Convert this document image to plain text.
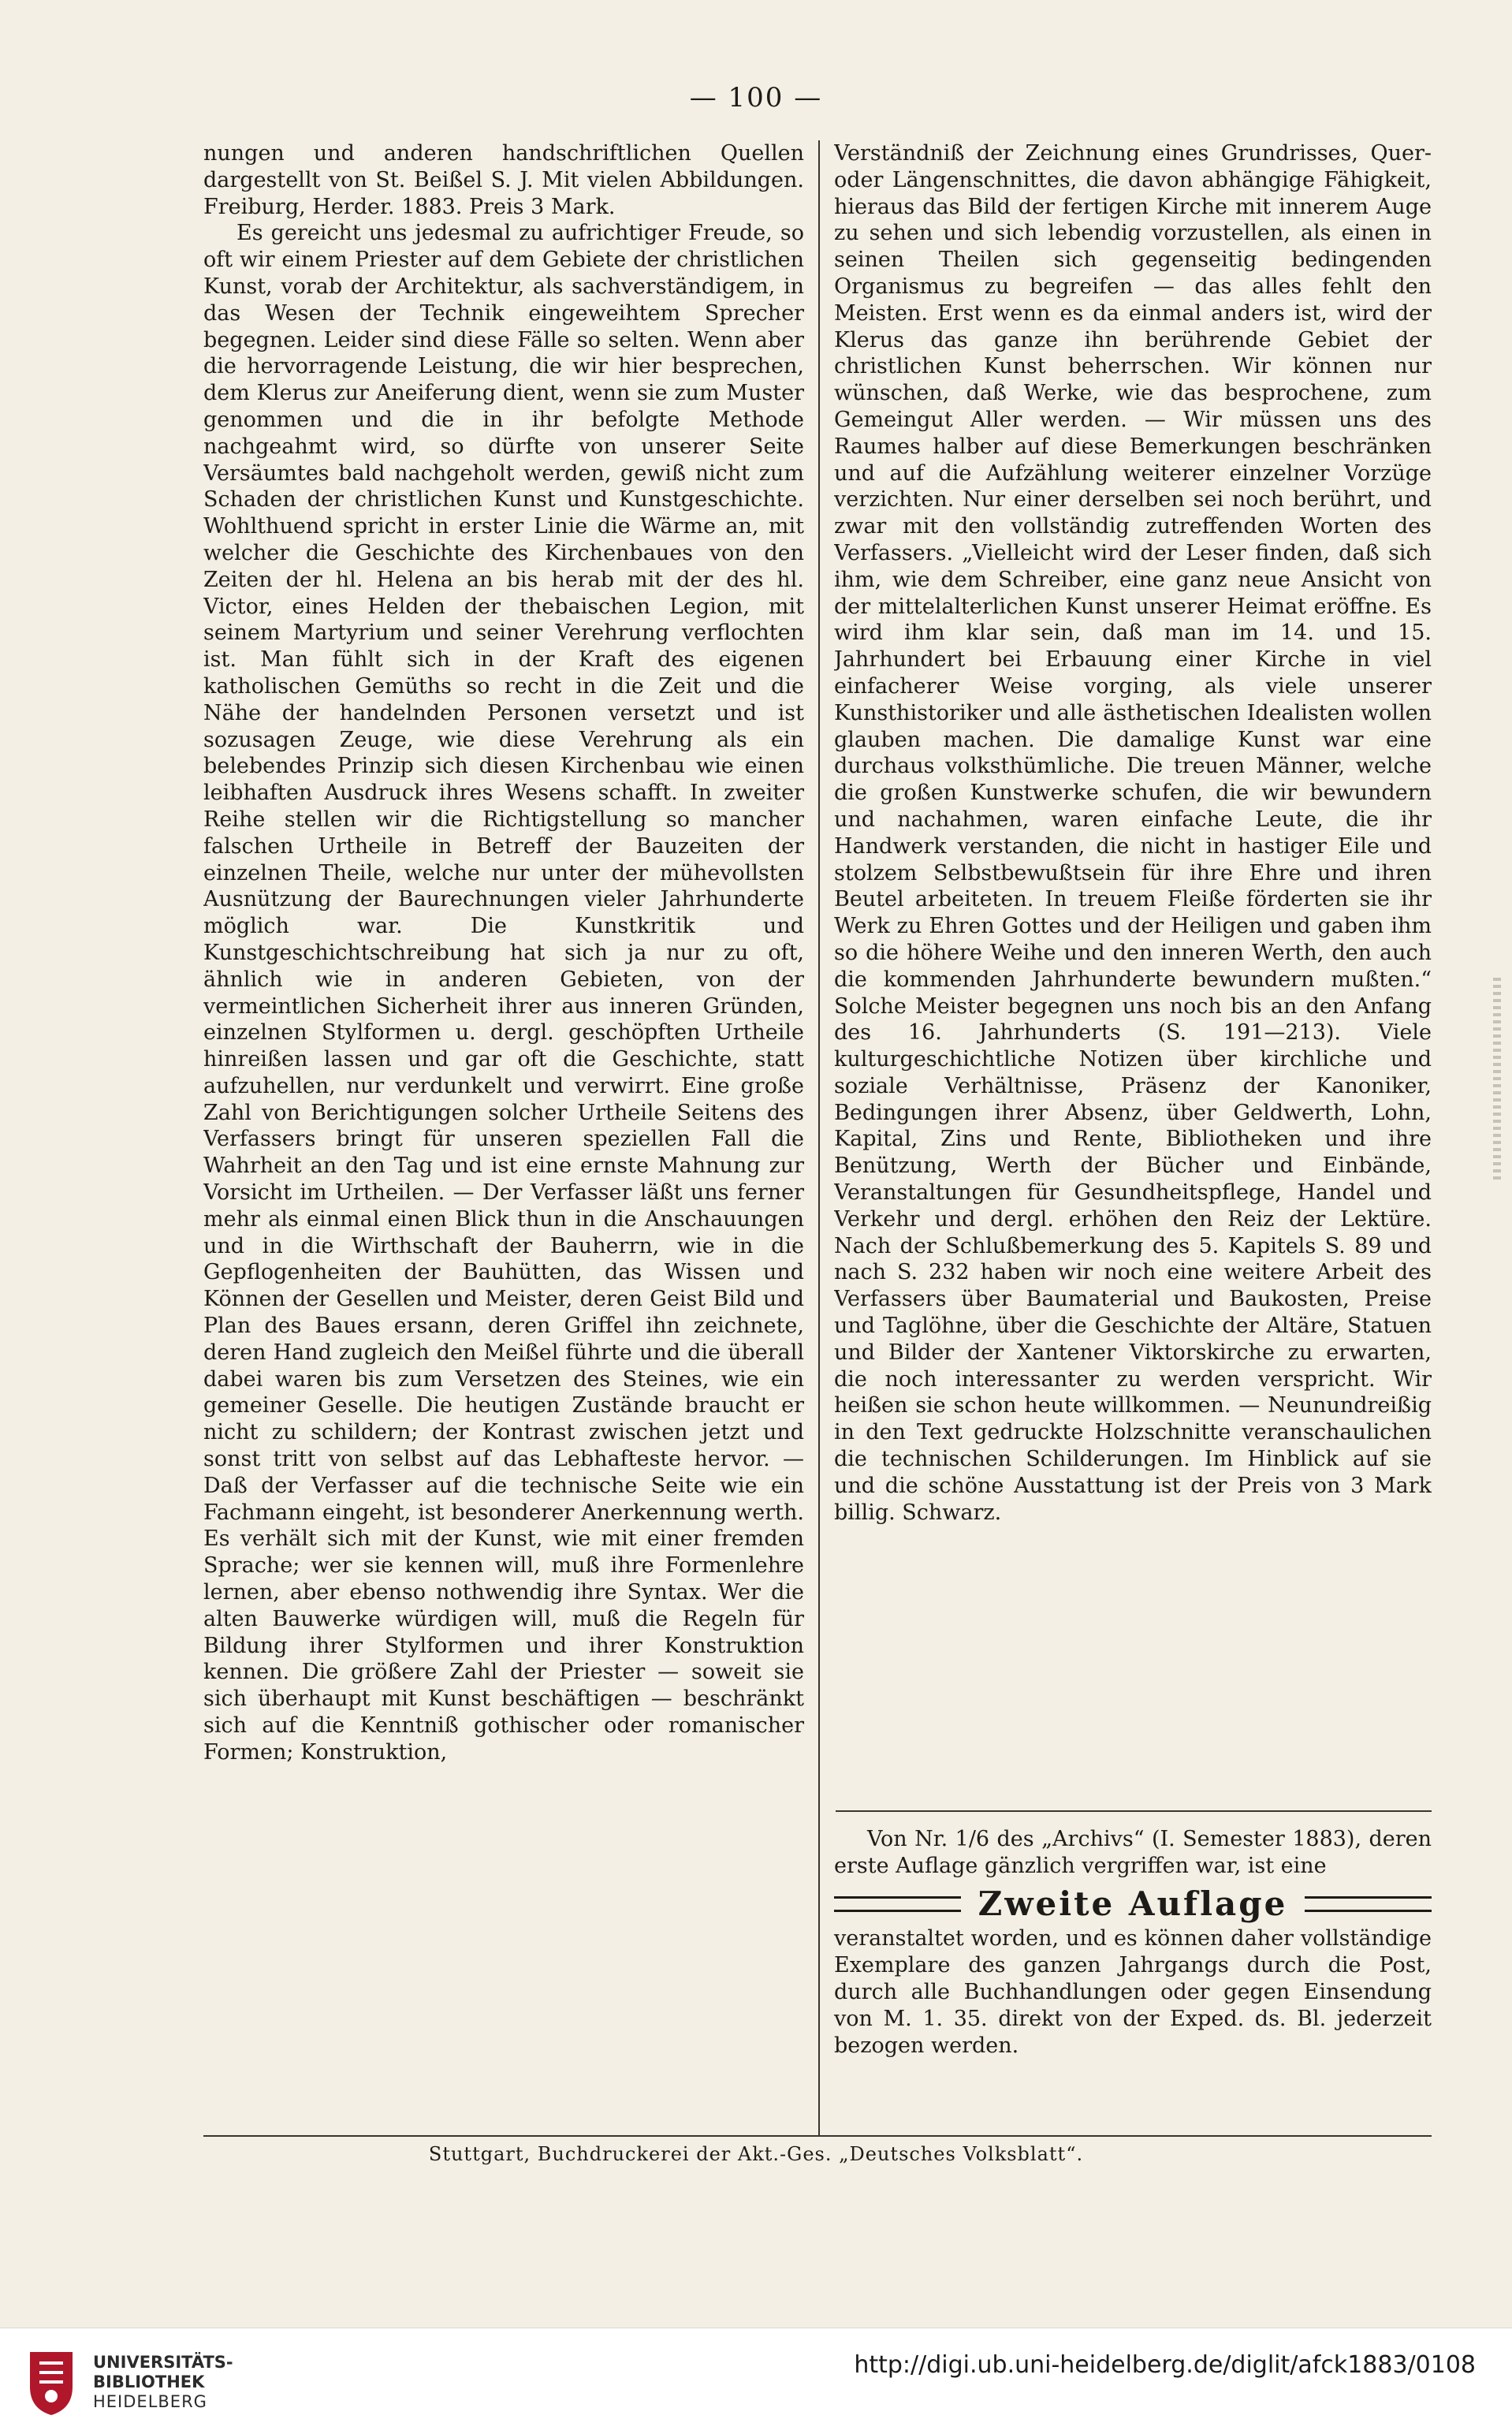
— 100 —

nungen und anderen handschriftlichen Quellen dargestellt von St. Beißel S. J. Mit vielen Abbildungen. Freiburg, Herder. 1883. Preis 3 Mark.

Es gereicht uns jedesmal zu aufrichtiger Freude, so oft wir einem Priester auf dem Gebiete der christlichen Kunst, vorab der Architektur, als sachverständigem, in das Wesen der Technik eingeweihtem Sprecher begegnen. Leider sind diese Fälle so selten. Wenn aber die hervorragende Leistung, die wir hier besprechen, dem Klerus zur Aneiferung dient, wenn sie zum Muster genommen und die in ihr befolgte Methode nachgeahmt wird, so dürfte von unserer Seite Versäumtes bald nachgeholt werden, gewiß nicht zum Schaden der christlichen Kunst und Kunstgeschichte. Wohlthuend spricht in erster Linie die Wärme an, mit welcher die Geschichte des Kirchenbaues von den Zeiten der hl. Helena an bis herab mit der des hl. Victor, eines Helden der thebaischen Legion, mit seinem Martyrium und seiner Verehrung verflochten ist. Man fühlt sich in der Kraft des eigenen katholischen Gemüths so recht in die Zeit und die Nähe der handelnden Personen versetzt und ist sozusagen Zeuge, wie diese Verehrung als ein belebendes Prinzip sich diesen Kirchenbau wie einen leibhaften Ausdruck ihres Wesens schafft. In zweiter Reihe stellen wir die Richtigstellung so mancher falschen Urtheile in Betreff der Bauzeiten der einzelnen Theile, welche nur unter der mühevollsten Ausnützung der Baurechnungen vieler Jahrhunderte möglich war. Die Kunstkritik und Kunstgeschichtschreibung hat sich ja nur zu oft, ähnlich wie in anderen Gebieten, von der vermeintlichen Sicherheit ihrer aus inneren Gründen, einzelnen Stylformen u. dergl. geschöpften Urtheile hinreißen lassen und gar oft die Geschichte, statt aufzuhellen, nur verdunkelt und verwirrt. Eine große Zahl von Berichtigungen solcher Urtheile Seitens des Verfassers bringt für unseren speziellen Fall die Wahrheit an den Tag und ist eine ernste Mahnung zur Vorsicht im Urtheilen. — Der Verfasser läßt uns ferner mehr als einmal einen Blick thun in die Anschauungen und in die Wirthschaft der Bauherrn, wie in die Gepflogenheiten der Bauhütten, das Wissen und Können der Gesellen und Meister, deren Geist Bild und Plan des Baues ersann, deren Griffel ihn zeichnete, deren Hand zugleich den Meißel führte und die überall dabei waren bis zum Versetzen des Steines, wie ein gemeiner Geselle. Die heutigen Zustände braucht er nicht zu schildern; der Kontrast zwischen jetzt und sonst tritt von selbst auf das Lebhafteste hervor. — Daß der Verfasser auf die technische Seite wie ein Fachmann eingeht, ist besonderer Anerkennung werth. Es verhält sich mit der Kunst, wie mit einer fremden Sprache; wer sie kennen will, muß ihre Formenlehre lernen, aber ebenso nothwendig ihre Syntax. Wer die alten Bauwerke würdigen will, muß die Regeln für Bildung ihrer Stylformen und ihrer Konstruktion kennen. Die größere Zahl der Priester — soweit sie sich überhaupt mit Kunst beschäftigen — beschränkt sich auf die Kenntniß gothischer oder romanischer Formen; Konstruktion,

Verständniß der Zeichnung eines Grundrisses, Quer- oder Längenschnittes, die davon abhängige Fähigkeit, hieraus das Bild der fertigen Kirche mit innerem Auge zu sehen und sich lebendig vorzustellen, als einen in seinen Theilen sich gegenseitig bedingenden Organismus zu begreifen — das alles fehlt den Meisten. Erst wenn es da einmal anders ist, wird der Klerus das ganze ihn berührende Gebiet der christlichen Kunst beherrschen. Wir können nur wünschen, daß Werke, wie das besprochene, zum Gemeingut Aller werden. — Wir müssen uns des Raumes halber auf diese Bemerkungen beschränken und auf die Aufzählung weiterer einzelner Vorzüge verzichten. Nur einer derselben sei noch berührt, und zwar mit den vollständig zutreffenden Worten des Verfassers. „Vielleicht wird der Leser finden, daß sich ihm, wie dem Schreiber, eine ganz neue Ansicht von der mittelalterlichen Kunst unserer Heimat eröffne. Es wird ihm klar sein, daß man im 14. und 15. Jahrhundert bei Erbauung einer Kirche in viel einfacherer Weise vorging, als viele unserer Kunsthistoriker und alle ästhetischen Idealisten wollen glauben machen. Die damalige Kunst war eine durchaus volksthümliche. Die treuen Männer, welche die großen Kunstwerke schufen, die wir bewundern und nachahmen, waren einfache Leute, die ihr Handwerk verstanden, die nicht in hastiger Eile und stolzem Selbstbewußtsein für ihre Ehre und ihren Beutel arbeiteten. In treuem Fleiße förderten sie ihr Werk zu Ehren Gottes und der Heiligen und gaben ihm so die höhere Weihe und den inneren Werth, den auch die kommenden Jahrhunderte bewundern mußten.“ Solche Meister begegnen uns noch bis an den Anfang des 16. Jahrhunderts (S. 191—213). Viele kulturgeschichtliche Notizen über kirchliche und soziale Verhältnisse, Präsenz der Kanoniker, Bedingungen ihrer Absenz, über Geldwerth, Lohn, Kapital, Zins und Rente, Bibliotheken und ihre Benützung, Werth der Bücher und Einbände, Veranstaltungen für Gesundheitspflege, Handel und Verkehr und dergl. erhöhen den Reiz der Lektüre. Nach der Schlußbemerkung des 5. Kapitels S. 89 und nach S. 232 haben wir noch eine weitere Arbeit des Verfassers über Baumaterial und Baukosten, Preise und Taglöhne, über die Geschichte der Altäre, Statuen und Bilder der Xantener Viktorskirche zu erwarten, die noch interessanter zu werden verspricht. Wir heißen sie schon heute willkommen. — Neunundreißig in den Text gedruckte Holzschnitte veranschaulichen die technischen Schilderungen. Im Hinblick auf sie und die schöne Ausstattung ist der Preis von 3 Mark billig. Schwarz.

Von Nr. 1/6 des „Archivs“ (I. Semester 1883), deren erste Auflage gänzlich vergriffen war, ist eine

Zweite Auflage

veranstaltet worden, und es können daher vollständige Exemplare des ganzen Jahrgangs durch die Post, durch alle Buchhandlungen oder gegen Einsendung von M. 1. 35. direkt von der Exped. ds. Bl. jederzeit bezogen werden.

Stuttgart, Buchdruckerei der Akt.-Ges. „Deutsches Volksblatt“.
UNIVERSITÄTS-
BIBLIOTHEK
HEIDELBERG
http://digi.ub.uni-heidelberg.de/diglit/afck1883/0108
